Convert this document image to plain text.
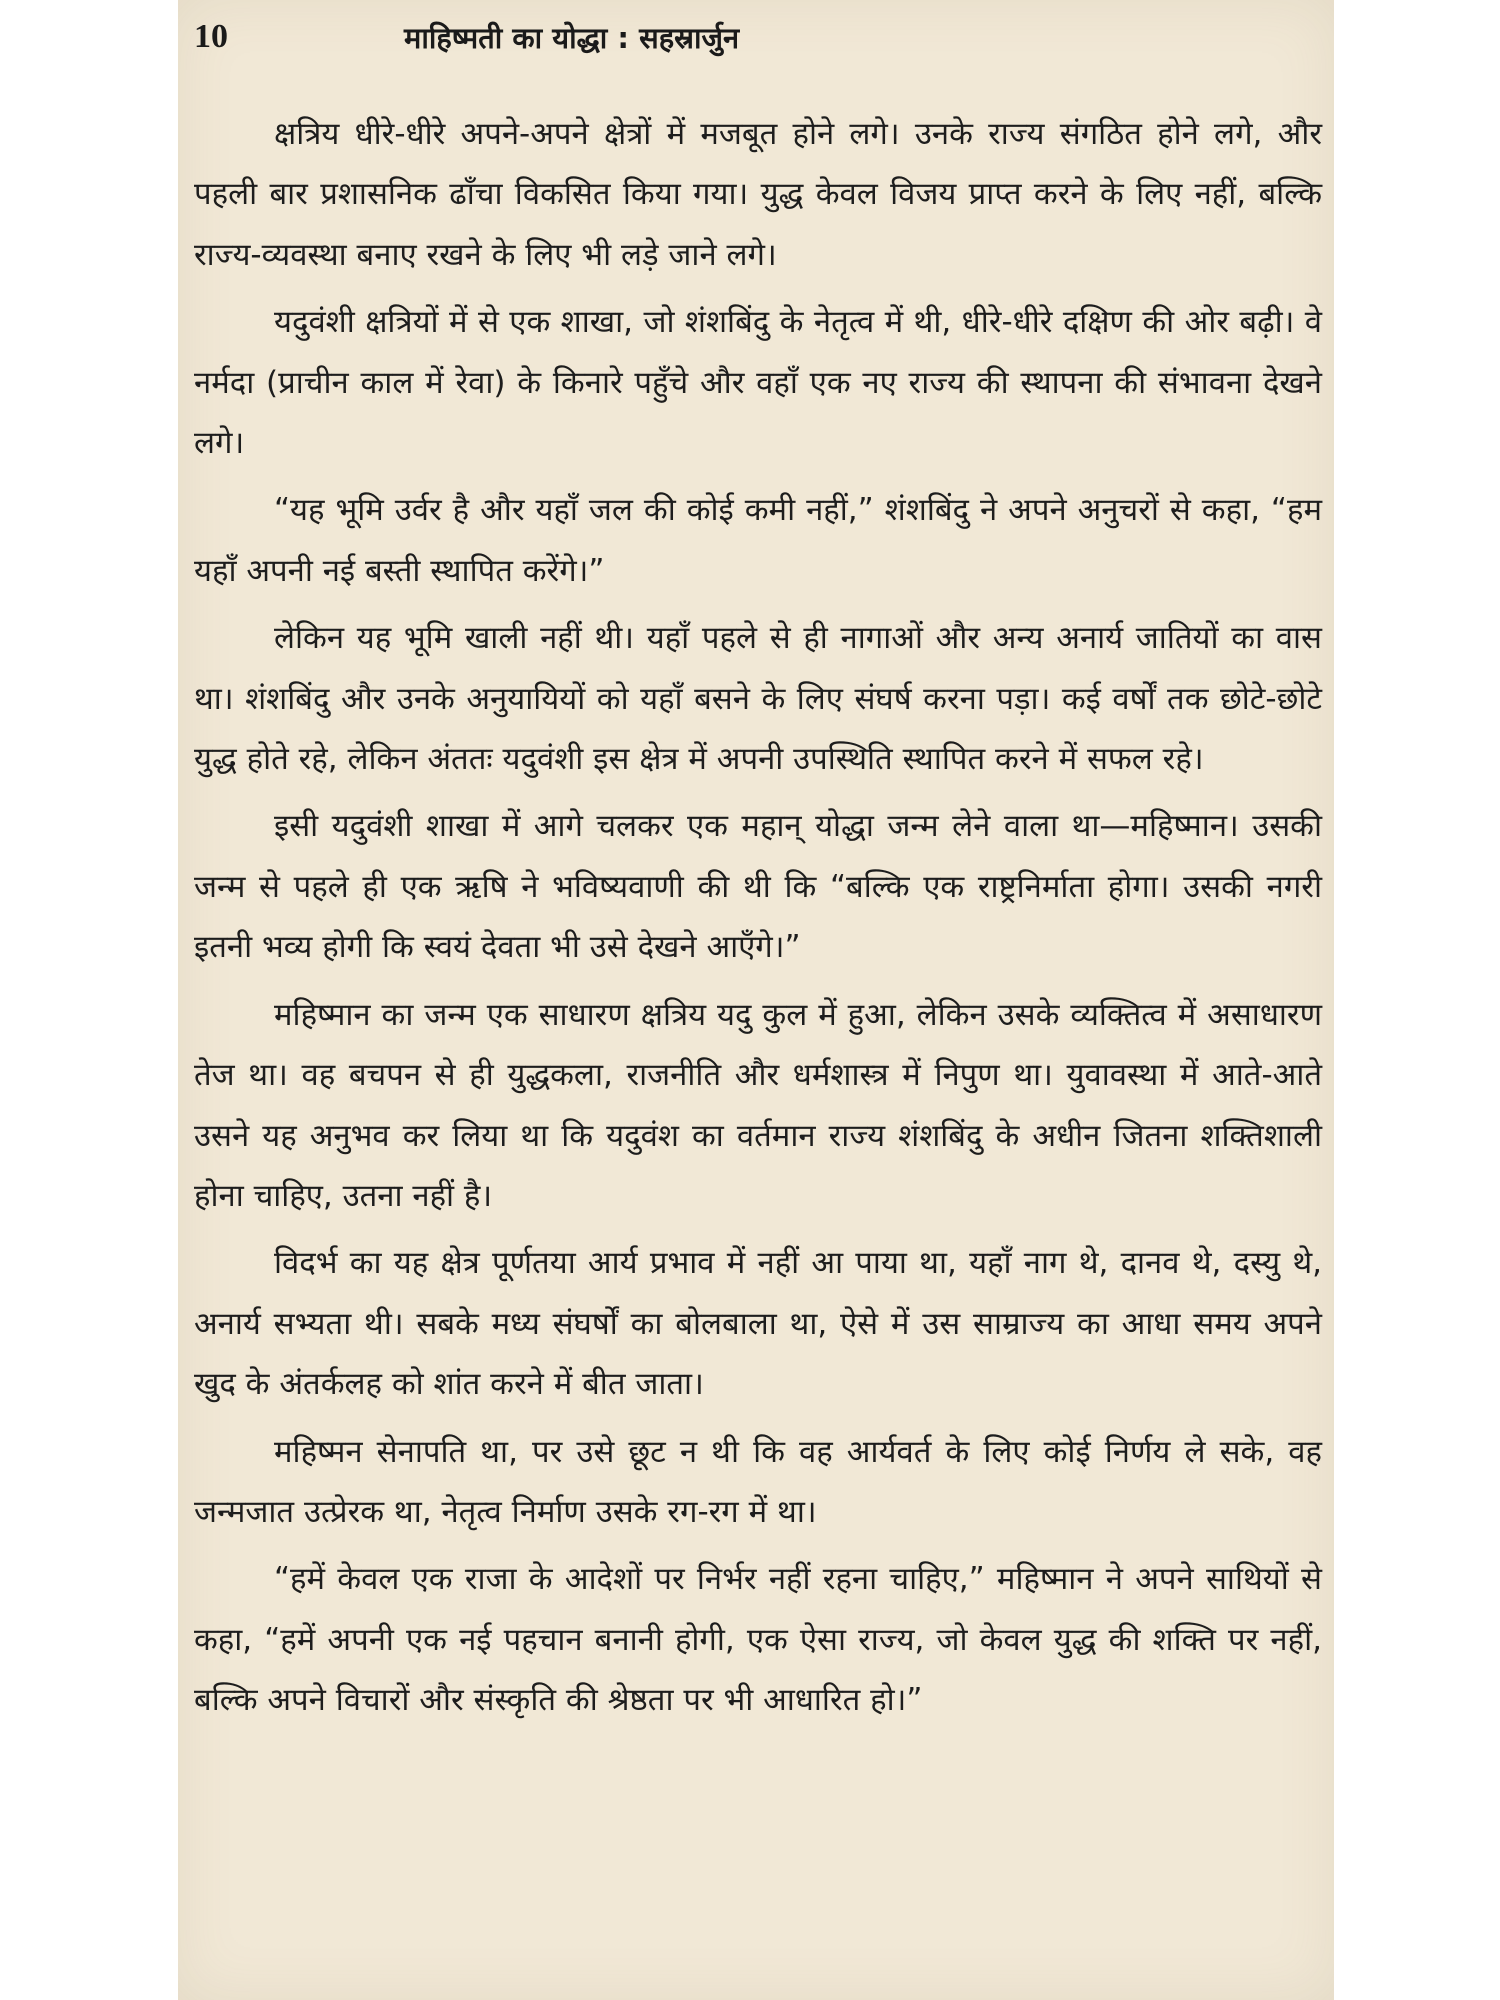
10	माहिष्मती का योद्धा : सहस्रार्जुन

क्षत्रिय धीरे-धीरे अपने-अपने क्षेत्रों में मजबूत होने लगे। उनके राज्य संगठित होने लगे, और पहली बार प्रशासनिक ढाँचा विकसित किया गया। युद्ध केवल विजय प्राप्त करने के लिए नहीं, बल्कि राज्य-व्यवस्था बनाए रखने के लिए भी लड़े जाने लगे।

यदुवंशी क्षत्रियों में से एक शाखा, जो शंशबिंदु के नेतृत्व में थी, धीरे-धीरे दक्षिण की ओर बढ़ी। वे नर्मदा (प्राचीन काल में रेवा) के किनारे पहुँचे और वहाँ एक नए राज्य की स्थापना की संभावना देखने लगे।

“यह भूमि उर्वर है और यहाँ जल की कोई कमी नहीं,” शंशबिंदु ने अपने अनुचरों से कहा, “हम यहाँ अपनी नई बस्ती स्थापित करेंगे।”

लेकिन यह भूमि खाली नहीं थी। यहाँ पहले से ही नागाओं और अन्य अनार्य जातियों का वास था। शंशबिंदु और उनके अनुयायियों को यहाँ बसने के लिए संघर्ष करना पड़ा। कई वर्षों तक छोटे-छोटे युद्ध होते रहे, लेकिन अंततः यदुवंशी इस क्षेत्र में अपनी उपस्थिति स्थापित करने में सफल रहे।

इसी यदुवंशी शाखा में आगे चलकर एक महान् योद्धा जन्म लेने वाला था—महिष्मान। उसकी जन्म से पहले ही एक ऋषि ने भविष्यवाणी की थी कि “बल्कि एक राष्ट्रनिर्माता होगा। उसकी नगरी इतनी भव्य होगी कि स्वयं देवता भी उसे देखने आएँगे।”

महिष्मान का जन्म एक साधारण क्षत्रिय यदु कुल में हुआ, लेकिन उसके व्यक्तित्व में असाधारण तेज था। वह बचपन से ही युद्धकला, राजनीति और धर्मशास्त्र में निपुण था। युवावस्था में आते-आते उसने यह अनुभव कर लिया था कि यदुवंश का वर्तमान राज्य शंशबिंदु के अधीन जितना शक्तिशाली होना चाहिए, उतना नहीं है।

विदर्भ का यह क्षेत्र पूर्णतया आर्य प्रभाव में नहीं आ पाया था, यहाँ नाग थे, दानव थे, दस्यु थे, अनार्य सभ्यता थी। सबके मध्य संघर्षों का बोलबाला था, ऐसे में उस साम्राज्य का आधा समय अपने खुद के अंतर्कलह को शांत करने में बीत जाता।

महिष्मन सेनापति था, पर उसे छूट न थी कि वह आर्यवर्त के लिए कोई निर्णय ले सके, वह जन्मजात उत्प्रेरक था, नेतृत्व निर्माण उसके रग-रग में था।

“हमें केवल एक राजा के आदेशों पर निर्भर नहीं रहना चाहिए,” महिष्मान ने अपने साथियों से कहा, “हमें अपनी एक नई पहचान बनानी होगी, एक ऐसा राज्य, जो केवल युद्ध की शक्ति पर नहीं, बल्कि अपने विचारों और संस्कृति की श्रेष्ठता पर भी आधारित हो।”
